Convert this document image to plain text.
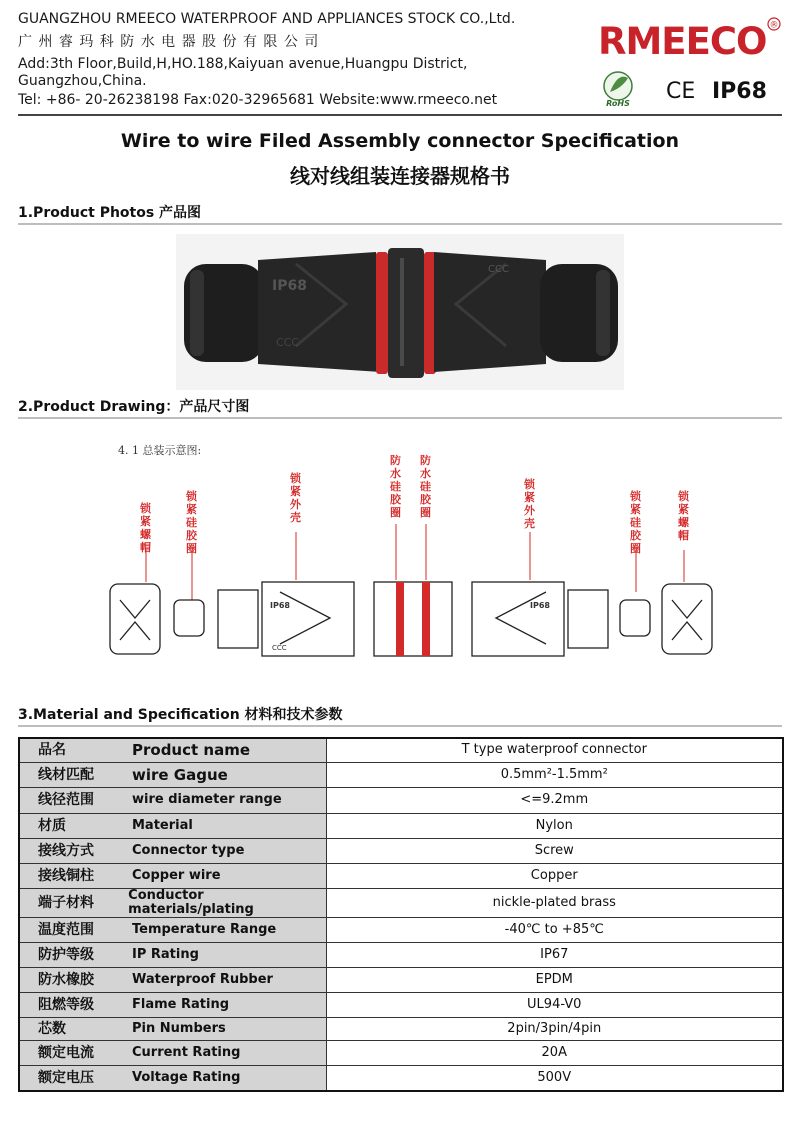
GUANGZHOU RMEECO WATERPROOF AND APPLIANCES STOCK CO.,Ltd.
广 州 睿 玛 科 防 水 电 器 股 份 有 限 公 司
Add:3th Floor,Build,H,HO.188,Kaiyuan avenue,Huangpu District,
Guangzhou,China.
Tel: +86- 20-26238198 Fax:020-32965681 Website:www.rmeeco.net
RMEECO ®
RoHS CE IP68
Wire to wire Filed Assembly connector Specification
线对线组装连接器规格书
1.Product Photos 产品图
IP68
CCC
CCC
2.Product Drawing：产品尺寸图
4. 1 总装示意图:
锁紧螺帽
锁紧硅胶圈
锁紧外壳
防水硅胶圈
防水硅胶圈
锁紧外壳
锁紧硅胶圈
锁紧螺帽
IP68
CCC
IP68
3.Material and Specification 材料和技术参数
品名 Product name	T type waterproof connector

线材匹配 wire Gague	0.5mm²-1.5mm²

线径范围 wire diameter range	<=9.2mm

材质 Material	Nylon

接线方式 Connector type	Screw

接线铜柱 Copper wire	Copper

端子材料 Conductor materials/plating	nickle-plated brass

温度范围 Temperature Range	-40℃ to +85℃

防护等级 IP Rating	IP67

防水橡胶 Waterproof Rubber	EPDM

阻燃等级 Flame Rating	UL94-V0

芯数 Pin Numbers	2pin/3pin/4pin

额定电流 Current Rating	20A

额定电压 Voltage Rating	500V
